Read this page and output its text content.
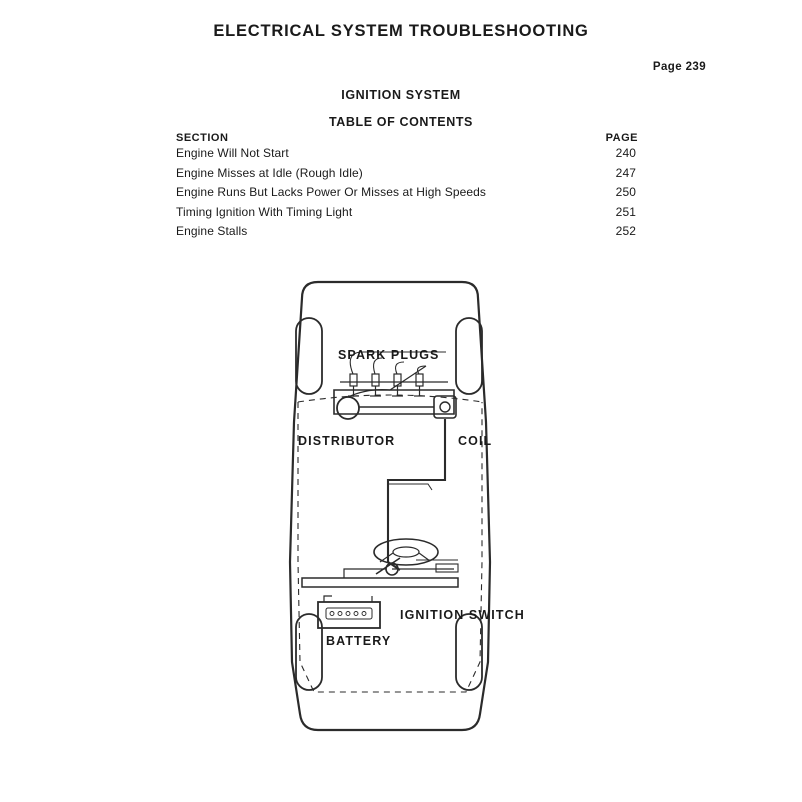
ELECTRICAL SYSTEM TROUBLESHOOTING
Page 239
IGNITION SYSTEM
TABLE OF CONTENTS
SECTION	PAGE
Engine Will Not Start	240
Engine Misses at Idle (Rough Idle)	247
Engine Runs But Lacks Power Or Misses at High Speeds	250
Timing Ignition With Timing Light	251
Engine Stalls	252
SPARK PLUGS
DISTRIBUTOR	COIL
IGNITION SWITCH
BATTERY
